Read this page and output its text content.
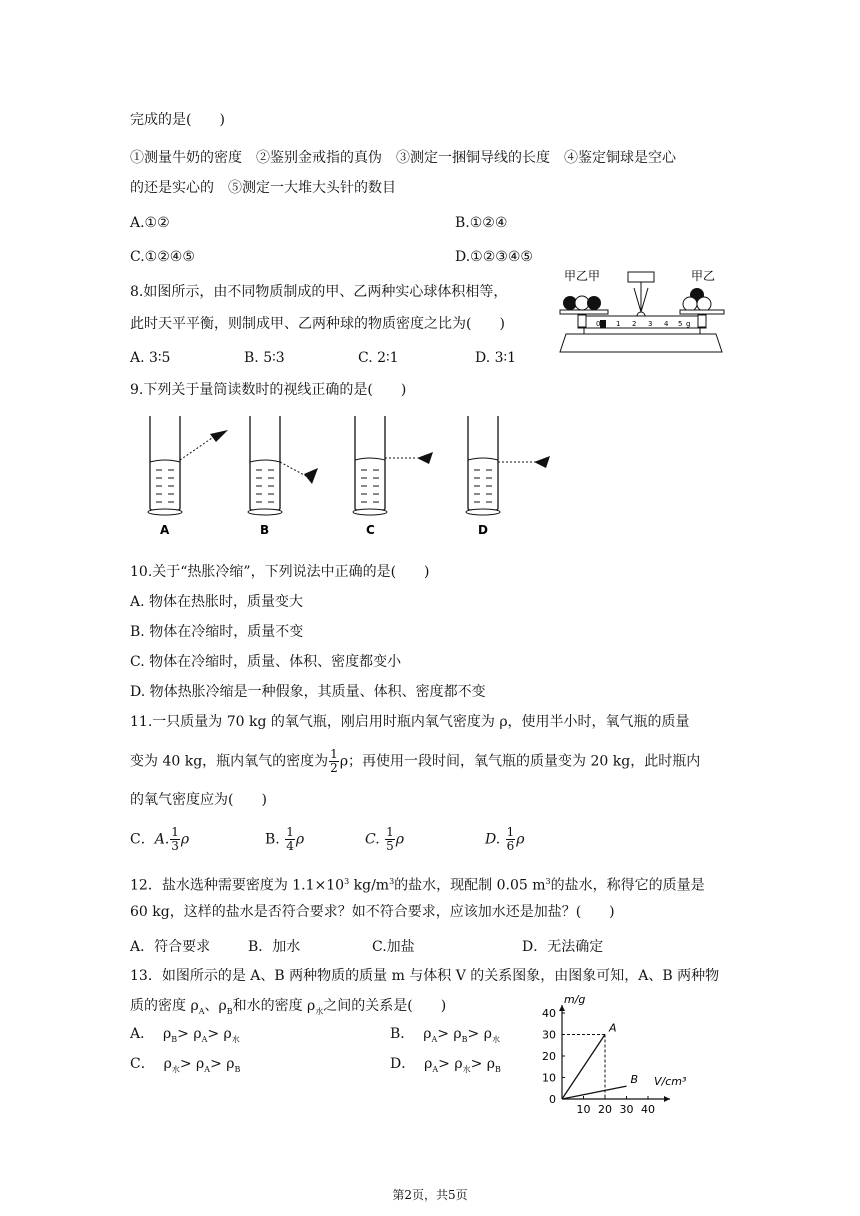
完成的是(　　)
①测量牛奶的密度　②鉴别金戒指的真伪　③测定一捆铜导线的长度　④鉴定铜球是空心
的还是实心的　⑤测定一大堆大头针的数目
A.①②	B.①②④
C.①②④⑤	D.①②③④⑤
8.如图所示，由不同物质制成的甲、乙两种实心球体积相等，
此时天平平衡，则制成甲、乙两种球的物质密度之比为(　　)
A. 3∶5	B. 5∶3	C. 2∶1	D. 3∶1
甲乙甲	甲乙
0 1 2 3 4 5 g
9.下列关于量筒读数时的视线正确的是(　　)
A	B	C	D
10.关于“热胀冷缩”，下列说法中正确的是(　　)
A. 物体在热胀时，质量变大
B. 物体在冷缩时，质量不变
C. 物体在冷缩时，质量、体积、密度都变小
D. 物体热胀冷缩是一种假象，其质量、体积、密度都不变
11.一只质量为 70 kg 的氧气瓶，刚启用时瓶内氧气密度为 ρ，使用半小时，氧气瓶的质量
变为 40 kg，瓶内氧气的密度为 $\frac{1}{2}$ ρ；再使用一段时间，氧气瓶的质量变为 20 kg，此时瓶内
的氧气密度应为(　　)
C．A. $\frac{1}{3}$ ρ	B. $\frac{1}{4}$ ρ	C. $\frac{1}{5}$ ρ	D. $\frac{1}{6}$ ρ
12．盐水选种需要密度为 $1.1\times 10^3$ $kg/m^3$的盐水，现配制 0.05 $m^3$的盐水，称得它的质量是
60 kg，这样的盐水是否符合要求？如不符合要求，应该加水还是加盐？(　　)
A．符合要求	B．加水	C.加盐	D．无法确定
13．如图所示的是 A、B 两种物质的质量 m 与体积 V 的关系图象，由图象可知，A、B 两种物
质的密度 $\rho_A$、$\rho_B$和水的密度 $\rho_水$之间的关系是(　　)
A． $\rho_B> \rho_A> \rho_水$	B． $\rho_A> \rho_B> \rho_水$
C． $\rho_水> \rho_A> \rho_B$	D． $\rho_A> \rho_水> \rho_B$
m/g
V/cm³
0
10
20
30
40
10 20 30 40
A
B
第2页，共5页
